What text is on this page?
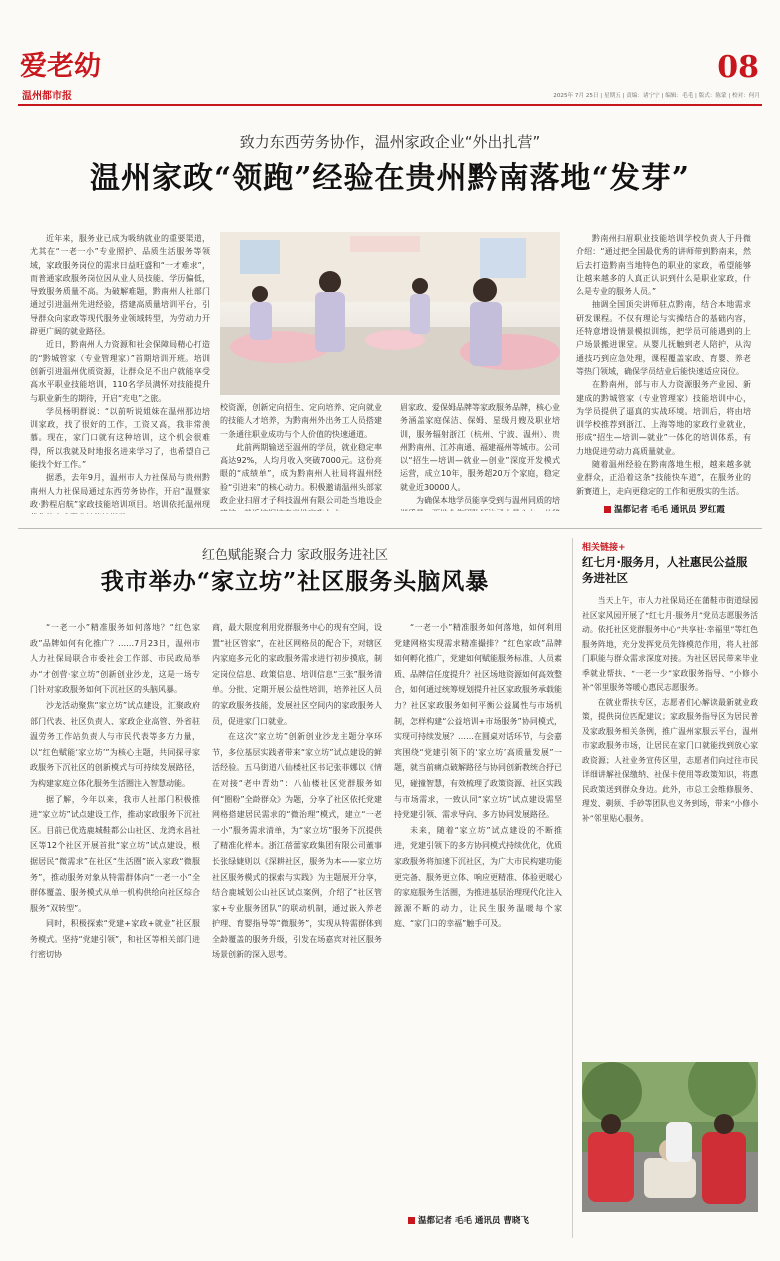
爱老幼
温州都市报
08
2025年 7月 25日 | 星期五 | 责编：诸宁宁 | 编辑：毛毛 | 版式：陈蒙 | 校对：何月
致力东西劳务协作，温州家政企业“外出扎营”
温州家政“领跑”经验在贵州黔南落地“发芽”

近年来，服务业已成为吸纳就业的重要渠道，尤其在“一老一小”专业照护、品质生活服务等领域，家政服务岗位的需求日益旺盛和“一才难求”，而普通家政服务岗位因从业人员技能、学历偏低，导致服务质量不高。为破解难题，黔南州人社部门通过引进温州先进经验，搭建高质量培训平台，引导群众向家政等现代服务业领域转型，为劳动力开辟更广阔的就业路径。

近日，黔南州人力资源和社会保障局精心打造的“黔城管家（专业管理家）”首期培训开班。培训创新引进温州优质资源，让群众足不出户就能享受高水平职业技能培训，110名学员满怀对技能提升与职业新生的期待，开启“充电”之旅。

学员杨明群说：“以前听说姐妹在温州那边培训家政，找了很好的工作，工资又高，我非常羡慕。现在，家门口就有这种培训，这个机会很难得，所以我就及时地报名进来学习了，也希望自己能找个好工作。”

据悉，去年9月，温州市人力社保局与贵州黔南州人力社保局通过东西劳务协作，开启“温暨家政·黔程启航”家政技能培训项目。培训依托温州现

校资源，创新定向招生、定向培养、定向就业的技能人才培养，为黔南州外出务工人员搭建一条通往职业成功与个人价值的快速通道。

此前两期输送至温州的学员，就业稳定率高达92%，人均月收入突破7000元。这份亮眼的“成绩单”，成为黔南州人社局将温州经验“引进来”的核心动力。积极邀请温州头部家政企业扫眉才子科技温州有限公司赴当地设企

眉家政、爱保姆品牌等家政服务品牌，核心业务涵盖家庭保洁、保姆、星级月嫂及职业培训，服务辐射浙江（杭州、宁波、温州）、贵州黔南州、江苏南通、福建福州等城市。公司以“招生—培训—就业—创业”深度开发模式运营，成立10年，服务超20万个家庭，稳定就业近30000人。

为确保本地学员能享受到与温州同质的培

黔南州扫眉职业技能培训学校负责人于丹微介绍：“通过把全国最优秀的讲师带到黔南来，然后去打造黔南当地特色的职业的家政，希望能够让越来越多的人真正认识到什么是职业家政，什么是专业的服务人员。”

抽调全国顶尖讲师驻点黔南，结合本地需求研发课程。不仅有理论与实操结合的基础内容，还特意增设情景模拟训练，把学员可能遇到的上户场景搬进课堂。从婴儿抚触到老人陪护，从沟通技巧到应急处理，课程覆盖家政、育婴、养老等热门领域，确保学员结业后能快速适应岗位。

在黔南州，部与市人力资源服务产业园、新建成的黔城管家（专业管理家）技能培训中心，为学员提供了逼真的实战环境。培训后，将由培训学校推荐到浙江、上海等地的家政行业就业，形成“招生—培训—就业”一体化的培训体系，有力地促进劳动力高质量就业。

随着温州经验在黔南落地生根，越来越多就业群众，正沿着这条“技能快车道”，在服务业的新赛道上，走向更稳定的工作和更殷实的生活。

温都记者 毛毛 通讯员 罗红霞
红色赋能聚合力 家政服务进社区
我市举办“家立坊”社区服务头脑风暴

“一老一小”精准服务如何落地？“红色家政”品牌如何有化推广？……7月23日，温州市人力社保局联合市委社会工作部、市民政局举办“才创营·家立坊”创新创业沙龙，这是一场专门针对家政服务如何下沉社区的头脑风暴。

沙龙活动聚焦“家立坊”试点建设，汇聚政府部门代表、社区负责人、家政企业高管、外省驻温劳务工作站负责人与市民代表等多方力量，以“红色赋能‘家立坊’”为核心主题，共同探寻家政服务下沉社区的创新模式与可持续发展路径，为构建家庭立体化服务生活圈注入智慧动能。

据了解，今年以来，我市人社部门积极推进“家立坊”试点建设工作，推动家政服务下沉社区。目前已优选鹿城鞋都公山社区、龙湾永昌社区等12个社区开展首批“家立坊”试点建设，根据居民“微需求”在社区“生活圈”嵌入家政“微服务”，推动服务对象从特需群体向“一老一小”全群体覆盖、服务模式从单一机构供给向社区综合服务“双转型”。

同时，积极探索“党建+家政+就业”社区服务模式。坚持“党建引领”，和社区等相关部门进行密切协

商，最大限度利用党群服务中心的现有空间，设置“社区管家”，在社区网格员的配合下，对辖区内家庭多元化的家政服务需求进行初步摸底，制定岗位信息、政策信息、培训信息“三张”服务清单。分批、定期开展公益性培训，培养社区人员的家政服务技能，发展社区空间内的家政服务人员，促进家门口就业。

在这次“家立坊”创新创业沙龙主题分享环节，多位基层实践者带来“家立坊”试点建设的鲜活经验。五马街道八仙楼社区书记张菲娜以《情在对接“老中青幼”：八仙楼社区党群服务如何“圈粉”全龄群众》为题，分享了社区依托党建网格搭建居民需求的“微治理”模式，建立“一老一小”服务需求清单，为“家立坊”服务下沉提供了精准化样本。浙江蓓蕾家政集团有限公司董事长张绿婕则以《深耕社区，服务为本——家立坊社区服务模式的探索与实践》为主题展开分享，结合鹿城划公山社区试点案例，介绍了“社区管家+专业服务团队”的联动机制，通过嵌入养老护理、育婴指导等“微服务”，实现从特需群体到全龄覆盖的服务升级，引发在场嘉宾对社区服务场景创新的深入思考。

“一老一小”精准服务如何落地，如何利用党建网格实现需求精准撮排？“红色家政”品牌如何孵化推广，党建如何赋能服务标准、人员素质、品牌信任度提升？社区场地资源如何高效整合，如何通过统筹规划提升社区家政服务承载能力？社区家政服务如何平衡公益属性与市场机制，怎样构建“公益培训+市场服务”协同模式，实现可持续发展？……在圆桌对话环节，与会嘉宾围绕“党建引领下的‘家立坊’高质量发展”一题，就当前痛点破解路径与协同创新教统合抒已见，碰撞智慧，有效梳理了政策资源、社区实践与市场需求，一致认同“家立坊”试点建设需坚持党建引领、需求导向、多方协同发展路径。

未来，随着“家立坊”试点建设的不断推进，党建引领下的多方协同模式持续优化，优质家政服务将加速下沉社区，为广大市民构建功能更完备、服务更立体、响应更精准、体验更暖心的家庭服务生活圈，为推进基层治理现代化注入源源不断的动力，让民生服务温暖每个家庭、“家门口的幸福”触手可及。

温都记者 毛毛 通讯员 曹晓飞
相关链接+
红七月·服务月，人社惠民公益服务进社区

当天上午，市人力社保局还在蒲鞋市街道绿园社区家风园开展了“红七月·服务月”党员志愿服务活动。依托社区党群服务中心“共享社·幸福里”等红色服务阵地，充分发挥党员先锋模范作用，将人社部门职能与群众需求深度对接。为社区居民带来毕业季就业帮扶、“一老一少”家政服务指导、“小修小补”邻里服务等暖心惠民志愿服务。

在就业帮扶专区，志愿者们心解读最新就业政策，提供岗位匹配建议；家政服务指导区为居民普及家政服务相关条例，推广温州家服云平台，温州市家政服务市场，让居民在家门口就能找到放心家政资源；人社业务宣传区里，志愿者们向过往市民详细讲解社保缴纳、社保卡使用等政策知识，将惠民政策送到群众身边。此外，市总工会维修服务、理发、剃须、手砂等团队也义务到场，带来“小修小补”邻里贴心服务。
